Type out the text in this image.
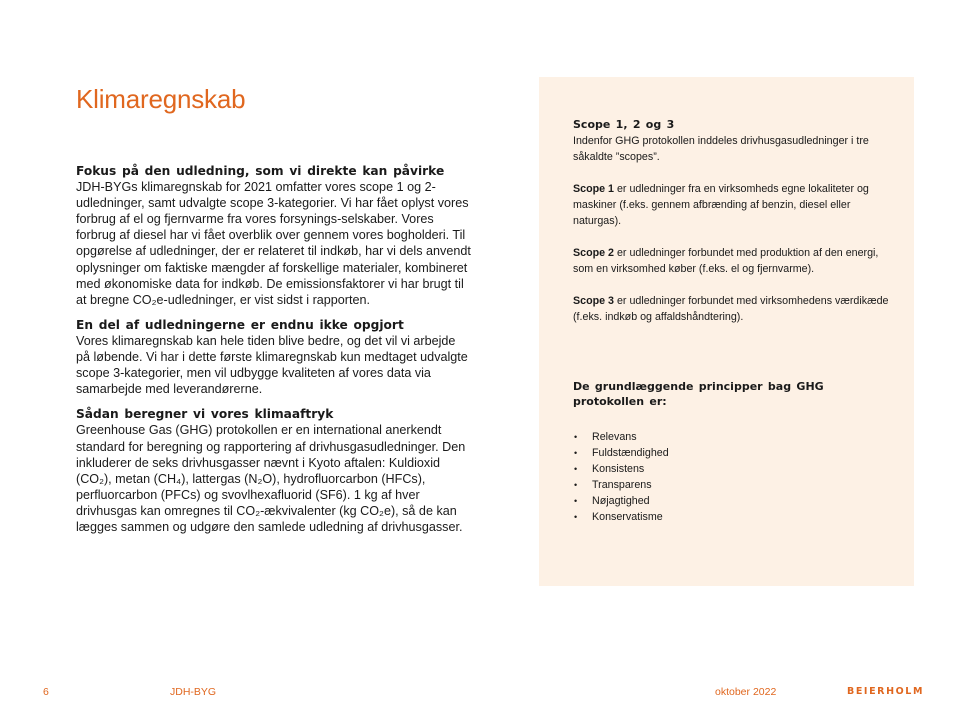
Klimaregnskab
Fokus på den udledning, som vi direkte kan påvirke

JDH-BYGs klimaregnskab for 2021 omfatter vores scope 1 og 2-udledninger, samt udvalgte scope 3-kategorier. Vi har fået oplyst vores forbrug af el og fjernvarme fra vores forsynings-selskaber. Vores forbrug af diesel har vi fået overblik over gennem vores bogholderi. Til opgørelse af udledninger, der er relateret til indkøb, har vi dels anvendt oplysninger om faktiske mængder af forskellige materialer, kombineret med økonomiske data for indkøb. De emissionsfaktorer vi har brugt til at bregne CO₂e-udledninger, er vist sidst i rapporten.

En del af udledningerne er endnu ikke opgjort

Vores klimaregnskab kan hele tiden blive bedre, og det vil vi arbejde på løbende. Vi har i dette første klimaregnskab kun medtaget udvalgte scope 3-kategorier, men vil udbygge kvaliteten af vores data via samarbejde med leverandørerne.

Sådan beregner vi vores klimaaftryk

Greenhouse Gas (GHG) protokollen er en international anerkendt standard for beregning og rapportering af drivhusgasudledninger. Den inkluderer de seks drivhusgasser nævnt i Kyoto aftalen: Kuldioxid (CO₂), metan (CH₄), lattergas (N₂O), hydrofluorcarbon (HFCs), perfluorcarbon (PFCs) og svovlhexafluorid (SF6). 1 kg af hver drivhusgas kan omregnes til CO₂-ækvivalenter (kg CO₂e), så de kan lægges sammen og udgøre den samlede udledning af drivhusgasser.

Scope 1, 2 og 3
Indenfor GHG protokollen inddeles drivhusgasudledninger i tre såkaldte ”scopes”.
Scope 1 er udledninger fra en virksomheds egne lokaliteter og maskiner (f.eks. gennem afbrænding af benzin, diesel eller naturgas).
Scope 2 er udledninger forbundet med produktion af den energi, som en virksomhed køber (f.eks. el og fjernvarme).
Scope 3 er udledninger forbundet med virksomhedens værdikæde (f.eks. indkøb og affaldshåndtering).
De grundlæggende principper bag GHG protokollen er:
• Relevans
• Fuldstændighed
• Konsistens
• Transparens
• Nøjagtighed
• Konservatisme
6	JDH-BYG	oktober 2022	BEIERHOLM
